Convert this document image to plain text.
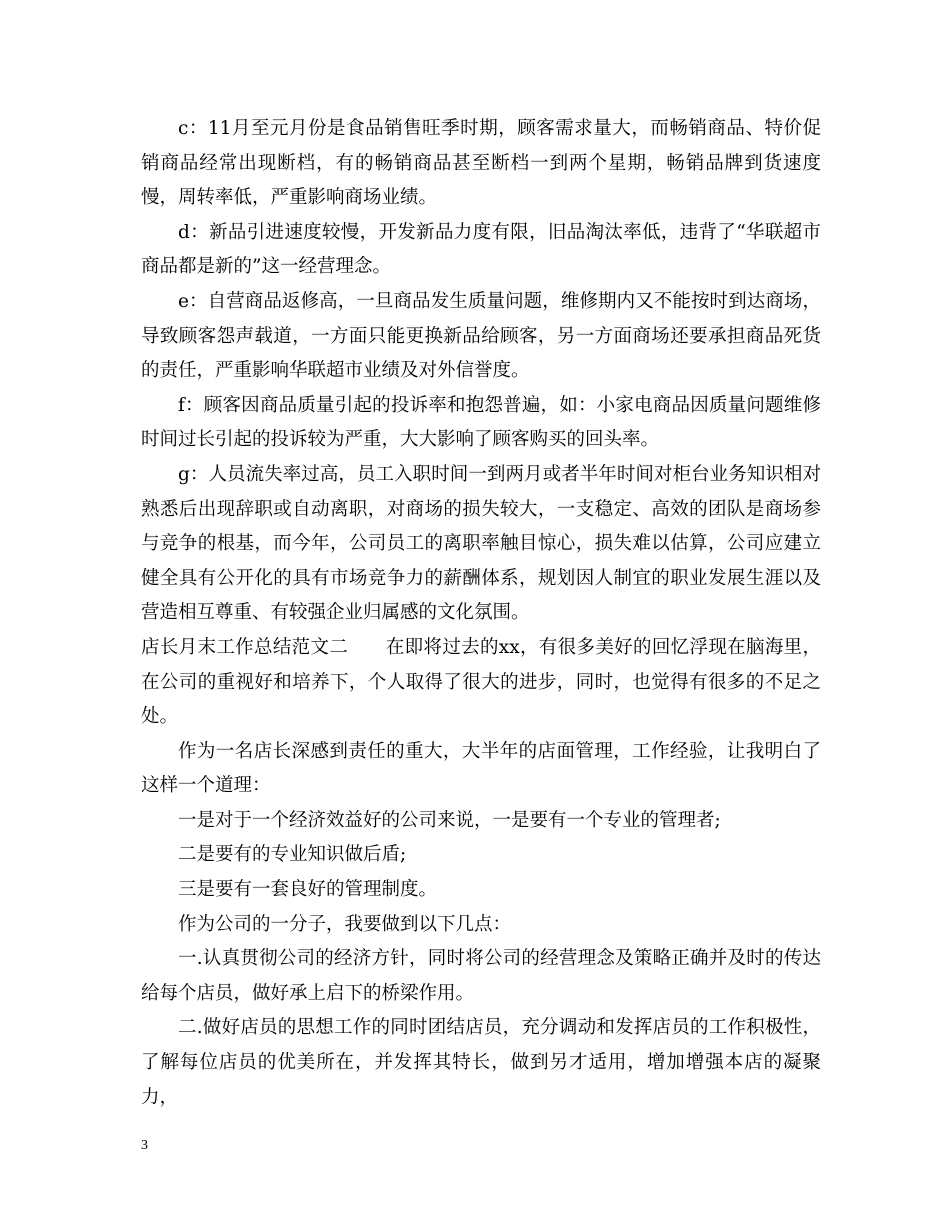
c：11月至元月份是食品销售旺季时期，顾客需求量大，而畅销商品、特价促销商品经常出现断档，有的畅销商品甚至断档一到两个星期，畅销品牌到货速度慢，周转率低，严重影响商场业绩。

d：新品引进速度较慢，开发新品力度有限，旧品淘汰率低，违背了“华联超市商品都是新的”这一经营理念。

e：自营商品返修高，一旦商品发生质量问题，维修期内又不能按时到达商场，导致顾客怨声载道，一方面只能更换新品给顾客，另一方面商场还要承担商品死货的责任，严重影响华联超市业绩及对外信誉度。

f：顾客因商品质量引起的投诉率和抱怨普遍，如：小家电商品因质量问题维修时间过长引起的投诉较为严重，大大影响了顾客购买的回头率。

g：人员流失率过高，员工入职时间一到两月或者半年时间对柜台业务知识相对熟悉后出现辞职或自动离职，对商场的损失较大，一支稳定、高效的团队是商场参与竞争的根基，而今年，公司员工的离职率触目惊心，损失难以估算，公司应建立健全具有公开化的具有市场竞争力的薪酬体系，规划因人制宜的职业发展生涯以及营造相互尊重、有较强企业归属感的文化氛围。

店长月末工作总结范文二　　在即将过去的xx，有很多美好的回忆浮现在脑海里，在公司的重视好和培养下，个人取得了很大的进步，同时，也觉得有很多的不足之处。

作为一名店长深感到责任的重大，大半年的店面管理，工作经验，让我明白了这样一个道理：

一是对于一个经济效益好的公司来说，一是要有一个专业的管理者;

二是要有的专业知识做后盾;

三是要有一套良好的管理制度。

作为公司的一分子，我要做到以下几点：

一.认真贯彻公司的经济方针，同时将公司的经营理念及策略正确并及时的传达给每个店员，做好承上启下的桥梁作用。

二.做好店员的思想工作的同时团结店员，充分调动和发挥店员的工作积极性，了解每位店员的优美所在，并发挥其特长，做到另才适用，增加增强本店的凝聚力，

3
